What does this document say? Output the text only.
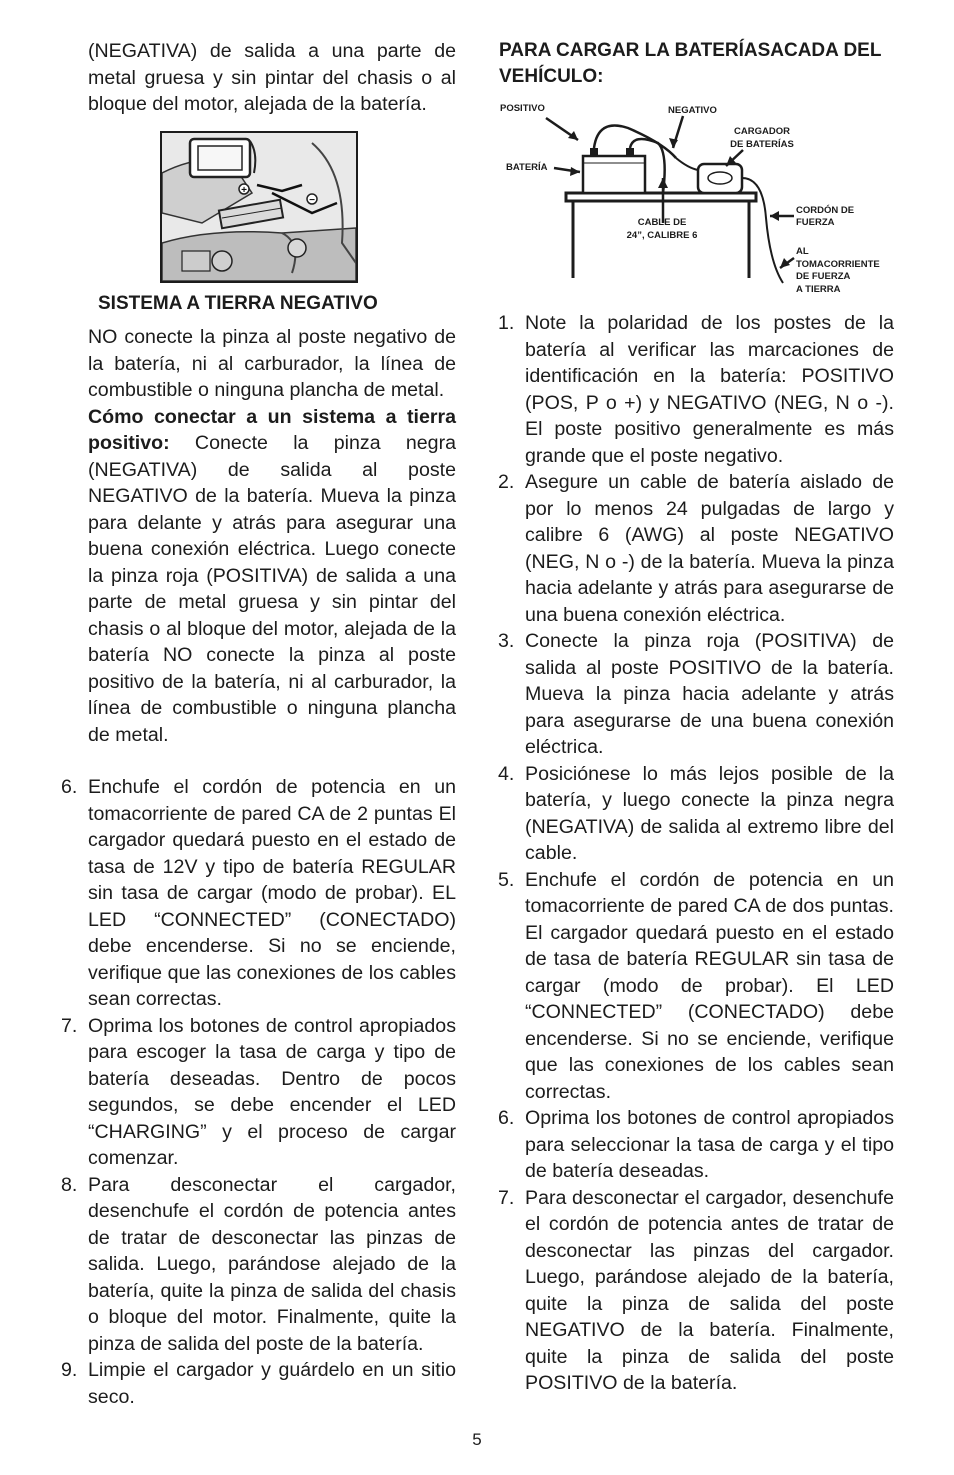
(NEGATIVA) de salida a una parte de metal gruesa y sin pintar del chasis o al bloque del motor, alejada de la batería.

+
−

SISTEMA A TIERRA NEGATIVO

NO conecte la pinza al poste negativo de la batería, ni al carburador, la línea de combustible o ninguna plancha de metal.

Cómo conectar a un sistema a tierra positivo: Conecte la pinza negra (NEGATIVA) de salida al poste NEGATIVO de la batería. Mueva la pinza para delante y atrás para asegurar una buena conexión eléctrica. Luego conecte la pinza roja (POSITIVA) de salida a una parte de metal gruesa y sin pintar del chasis o al bloque del motor, alejada de la batería NO conecte la pinza al poste positivo de la batería, ni al carburador, la línea de combustible o ninguna plancha de metal.

6. Enchufe el cordón de potencia en un tomacorriente de pared CA de 2 puntas El cargador quedará puesto en el estado de tasa de 12V y tipo de batería REGULAR sin tasa de cargar (modo de probar). EL LED “CONNECTED” (CONECTADO) debe encenderse. Si no se enciende, verifique que las conexiones de los cables sean correctas.
7. Oprima los botones de control apropiados para escoger la tasa de carga y tipo de batería deseadas. Dentro de pocos segundos, se debe encender el LED “CHARGING” y el proceso de cargar comenzar.
8. Para desconectar el cargador, desenchufe el cordón de potencia antes de tratar de desconectar las pinzas de salida. Luego, parándose alejado de la batería, quite la pinza de salida del chasis o bloque del motor. Finalmente, quite la pinza de salida del poste de la batería.
9. Limpie el cargador y guárdelo en un sitio seco.

PARA CARGAR LA BATERÍASACADA DEL VEHÍCULO:

POSITIVO	NEGATIVO
CARGADOR
DE BATERÍAS
BATERÍA
CABLE DE
24”, CALIBRE 6
CORDÓN DE
FUERZA
AL
TOMACORRIENTE
DE FUERZA
A TIERRA
1. Note la polaridad de los postes de la batería al verificar las marcaciones de identificación en la batería: POSITIVO (POS, P o +) y NEGATIVO (NEG, N o -). El poste positivo generalmente es más grande que el poste negativo.
2. Asegure un cable de batería aislado de por lo menos 24 pulgadas de largo y calibre 6 (AWG) al poste NEGATIVO (NEG, N o -) de la batería. Mueva la pinza hacia adelante y atrás para asegurarse de una buena conexión eléctrica.
3. Conecte la pinza roja (POSITIVA) de salida al poste POSITIVO de la batería. Mueva la pinza hacia adelante y atrás para asegurarse de una buena conexión eléctrica.
4. Posiciónese lo más lejos posible de la batería, y luego conecte la pinza negra (NEGATIVA) de salida al extremo libre del cable.
5. Enchufe el cordón de potencia en un tomacorriente de pared CA de dos puntas. El cargador quedará puesto en el estado de tasa de batería REGULAR sin tasa de cargar (modo de probar). El LED “CONNECTED” (CONECTADO) debe encenderse. Si no se enciende, verifique que las conexiones de los cables sean correctas.
6. Oprima los botones de control apropiados para seleccionar la tasa de carga y el tipo de batería deseadas.
7. Para desconectar el cargador, desenchufe el cordón de potencia antes de tratar de desconectar las pinzas del cargador. Luego, parándose alejado de la batería, quite la pinza de salida del poste NEGATIVO de la batería. Finalmente, quite la pinza de salida del poste POSITIVO de la batería.
5
